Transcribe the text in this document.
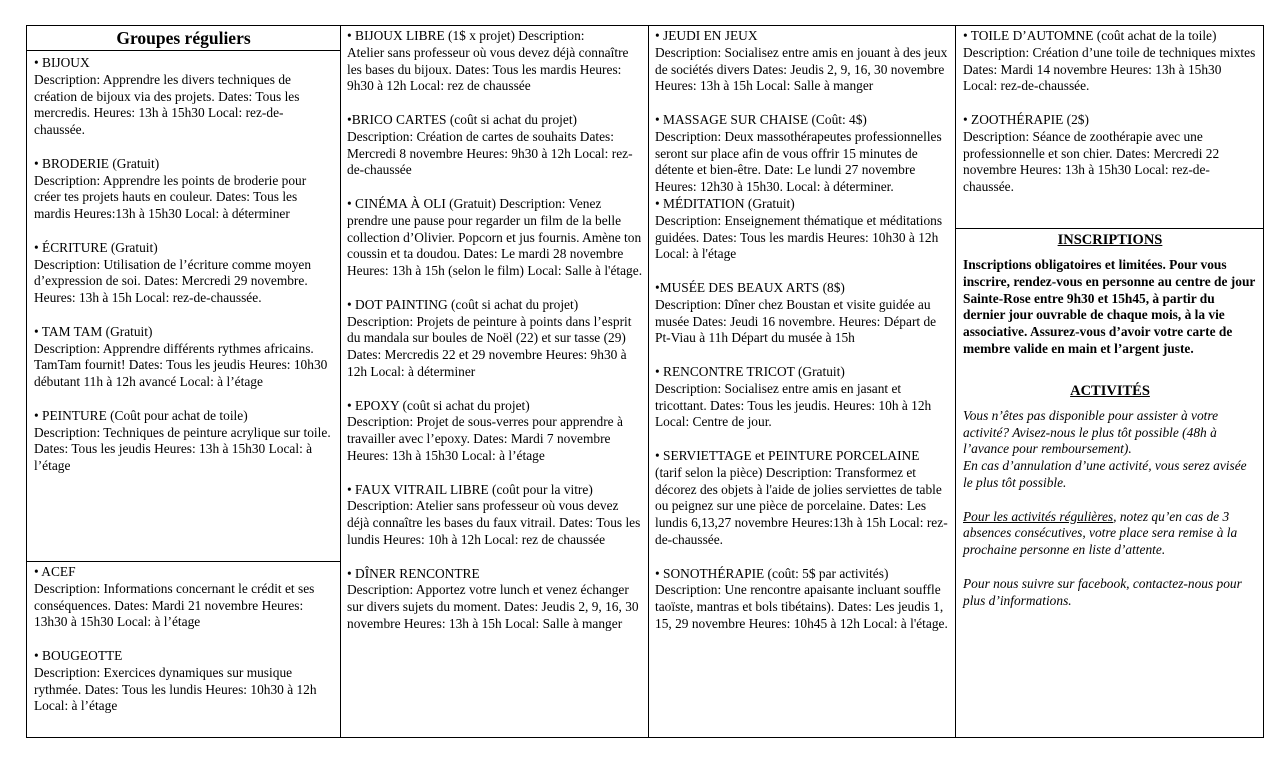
Groupes réguliers
• BIJOUX
Description: Apprendre les divers techniques de création de bijoux via des projets. Dates: Tous les mercredis. Heures: 13h à 15h30 Local: rez-de-chaussée.
• BRODERIE (Gratuit)
Description: Apprendre les points de broderie pour créer tes projets hauts en couleur. Dates: Tous les mardis Heures:13h à 15h30 Local: à déterminer
• ÉCRITURE (Gratuit)
Description: Utilisation de l’écriture comme moyen d’expression de soi. Dates: Mercredi 29 novembre. Heures: 13h à 15h Local: rez-de-chaussée.
• TAM TAM (Gratuit)
Description: Apprendre différents rythmes africains. TamTam fournit! Dates: Tous les jeudis Heures: 10h30 débutant 11h à 12h avancé Local: à l’étage
• PEINTURE (Coût pour achat de toile)
Description: Techniques de peinture acrylique sur toile. Dates: Tous les jeudis Heures: 13h à 15h30 Local: à l’étage
• ACEF
Description: Informations concernant le crédit et ses conséquences. Dates: Mardi 21 novembre Heures: 13h30 à 15h30 Local: à l’étage
• BOUGEOTTE
Description: Exercices dynamiques sur musique rythmée. Dates: Tous les lundis Heures: 10h30 à 12h Local: à l’étage
• BIJOUX LIBRE (1$ x projet) Description:
Atelier sans professeur où vous devez déjà connaître les bases du bijoux. Dates: Tous les mardis Heures: 9h30 à 12h Local: rez de chaussée
•BRICO CARTES (coût si achat du projet)
Description: Création de cartes de souhaits Dates: Mercredi 8 novembre Heures: 9h30 à 12h Local: rez-de-chaussée
• CINÉMA À OLI (Gratuit) Description: Venez
prendre une pause pour regarder un film de la belle collection d’Olivier. Popcorn et jus fournis. Amène ton coussin et ta doudou. Dates: Le mardi 28 novembre Heures: 13h à 15h (selon le film) Local: Salle à l'étage.
• DOT PAINTING (coût si achat du projet)
Description: Projets de peinture à points dans l’esprit du mandala sur boules de Noël (22) et sur tasse (29) Dates: Mercredis 22 et 29 novembre Heures: 9h30 à 12h Local: à déterminer
• EPOXY (coût si achat du projet)
Description: Projet de sous-verres pour apprendre à travailler avec l’epoxy. Dates: Mardi 7 novembre Heures: 13h à 15h30 Local: à l’étage
• FAUX VITRAIL LIBRE (coût pour la vitre)
Description: Atelier sans professeur où vous devez déjà connaître les bases du faux vitrail. Dates: Tous les lundis Heures: 10h à 12h Local: rez de chaussée
• DÎNER RENCONTRE
Description: Apportez votre lunch et venez échanger sur divers sujets du moment. Dates: Jeudis 2, 9, 16, 30 novembre Heures: 13h à 15h Local: Salle à manger
• JEUDI EN JEUX
Description: Socialisez entre amis en jouant à des jeux de sociétés divers Dates: Jeudis 2, 9, 16, 30 novembre Heures: 13h à 15h Local: Salle à manger
• MASSAGE SUR CHAISE (Coût: 4$)
Description: Deux massothérapeutes professionnelles seront sur place afin de vous offrir 15 minutes de détente et bien-être. Date: Le lundi 27 novembre Heures: 12h30 à 15h30. Local: à déterminer.
• MÉDITATION (Gratuit)
Description: Enseignement thématique et méditations guidées. Dates: Tous les mardis Heures: 10h30 à 12h Local: à l'étage
•MUSÉE DES BEAUX ARTS (8$)
Description: Dîner chez Boustan et visite guidée au musée Dates: Jeudi 16 novembre. Heures: Départ de Pt-Viau à 11h Départ du musée à 15h
• RENCONTRE TRICOT (Gratuit)
Description: Socialisez entre amis en jasant et tricottant. Dates: Tous les jeudis. Heures: 10h à 12h Local: Centre de jour.
• SERVIETTAGE et PEINTURE PORCELAINE
(tarif selon la pièce) Description: Transformez et décorez des objets à l'aide de jolies serviettes de table ou peignez sur une pièce de porcelaine. Dates: Les lundis 6,13,27 novembre Heures:13h à 15h Local: rez-de-chaussée.
• SONOTHÉRAPIE (coût: 5$ par activités)
Description: Une rencontre apaisante incluant souffle taoïste, mantras et bols tibétains). Dates: Les jeudis 1, 15, 29 novembre Heures: 10h45 à 12h Local: à l'étage.
• TOILE D’AUTOMNE (coût achat de la toile)
Description: Création d’une toile de techniques mixtes Dates: Mardi 14 novembre Heures: 13h à 15h30 Local: rez-de-chaussée.
• ZOOTHÉRAPIE (2$)
Description: Séance de zoothérapie avec une professionnelle et son chier. Dates: Mercredi 22 novembre Heures: 13h à 15h30 Local: rez-de-chaussée.
INSCRIPTIONS

Inscriptions obligatoires et limitées. Pour vous inscrire, rendez-vous en personne au centre de jour Sainte-Rose entre 9h30 et 15h45, à partir du dernier jour ouvrable de chaque mois, à la vie associative. Assurez-vous d’avoir votre carte de membre valide en main et l’argent juste.

ACTIVITÉS

Vous n’êtes pas disponible pour assister à votre activité? Avisez-nous le plus tôt possible (48h à l’avance pour remboursement).

En cas d’annulation d’une activité, vous serez avisée le plus tôt possible.

Pour les activités régulières, notez qu’en cas de 3 absences consécutives, votre place sera remise à la prochaine personne en liste d’attente.

Pour nous suivre sur facebook, contactez-nous pour plus d’informations.
